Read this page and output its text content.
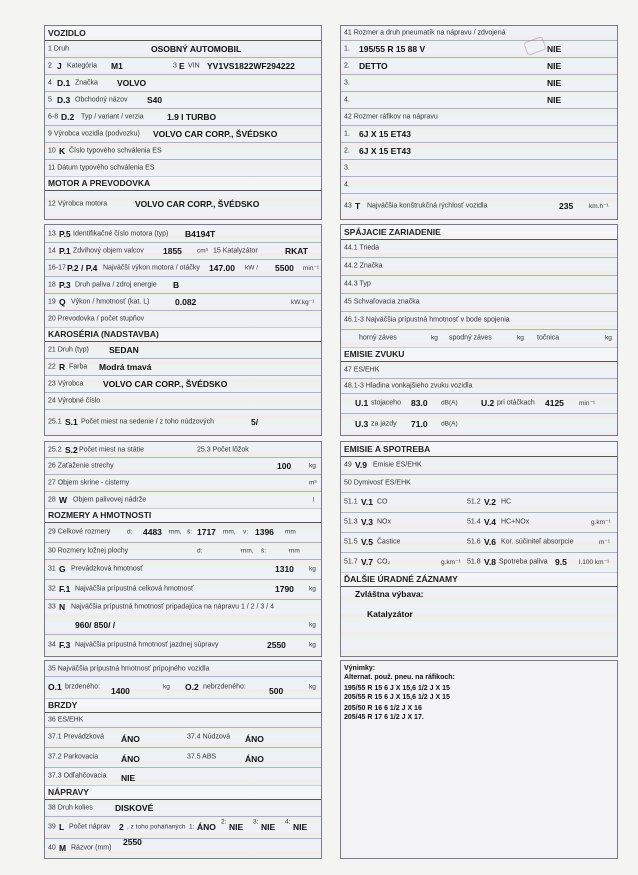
VOZIDLO
1 Druh	OSOBNÝ AUTOMOBIL
2 J Kategória M1	3 E VIN YV1VS1822WF294222
4 D.1 Značka VOLVO
5 D.3 Obchodný názov S40
6-8 D.2 Typ / variant / verzia	1.9 I TURBO
9 Výrobca vozidla (podvozku) VOLVO CAR CORP., ŠVÉDSKO
10 K Číslo typového schválenia ES
11 Dátum typového schválenia ES
MOTOR A PREVODOVKA
12 Výrobca motora	VOLVO CAR CORP., ŠVÉDSKO
13 P.5 Identifikačné číslo motora (typ) B4194T
14 P.1 Zdvihový objem valcov 1855 cm³ 15 Katalyzátor	RKAT
16-17 P.2 / P.4 Najväčší výkon motora / otáčky 147.00 kW / 5500 min⁻¹
18 P.3 Druh paliva / zdroj energie B
19 Q Výkon / hmotnosť (kat. L)	0.082	kW.kg⁻¹
20 Prevodovka / počet stupňov
KAROSÉRIA (NADSTAVBA)
21 Druh (typ) SEDAN
22 R Farba Modrá tmavá
23 Výrobca VOLVO CAR CORP., ŠVÉDSKO
24 Výrobné číslo
25.1 S.1 Počet miest na sedenie / z toho núdzových	5/
25.2 S.2 Počet miest na státie	25.3 Počet lôžok
26 Zaťaženie strechy	100	kg
27 Objem skrine - cisterny	m³
28 W Objem palivovej nádrže	l
ROZMERY A HMOTNOSTI
29 Celkové rozmery	d: 4483 mm, š: 1717 mm, v: 1396 mm
30 Rozmery ložnej plochy	d:	mm, š:	mm
31 G Prevádzková hmotnosť	1310 kg
32 F.1 Najväčšia prípustná celková hmotnosť	1790 kg
33 N Najväčšia prípustná hmotnosť pripadajúca na nápravu 1 / 2 / 3 / 4
960/ 850/ /	kg
34 F.3 Najväčšia prípustná hmotnosť jazdnej súpravy	2550	kg
35 Najväčšia prípustná hmotnosť prípojného vozidla
O.1 brzdeného: 1400	kg O.2 nebrzdeného:	500	kg
BRZDY
36 ES/EHK
37.1 Prevádzková ÁNO	37.4 Núdzová ÁNO
37.2 Parkovacia	ÁNO	37.5 ABS	ÁNO
37.3 Odľahčovacia NIE
NÁPRAVY
38 Druh kolies	DISKOVÉ
39 L Počet náprav 2 , z toho poháňaných 1: ÁNO 2: NIE 3: NIE 4: NIE
40 M Rázvor (mm)
2550
41 Rozmer a druh pneumatík na nápravu / zdvojená
1. 195/55 R 15 88 V	NIE
2. DETTO	NIE
3.	NIE
4.	NIE
42 Rozmer ráfikov na nápravu
1. 6J X 15 ET43
2. 6J X 15 ET43
3.
4.
43 T Najväčšia konštrukčná rýchlosť vozidla	235 km.h⁻¹
SPÁJACIE ZARIADENIE
44.1 Trieda
44.2 Značka
44.3 Typ
45 Schvaľovacia značka
46.1-3 Najväčšia prípustná hmotnosť v bode spojenia
horný záves	kg spodný záves	kg točnica	kg
EMISIE ZVUKU
47 ES/EHK
48.1-3 Hladina vonkajšieho zvuku vozidla
U.1 stojaceho 83.0 dB(A)	U.2 pri otáčkach 4125 min⁻¹
U.3 za jazdy 71.0 dB(A)
EMISIE A SPOTREBA
49 V.9 Emisie ES/EHK
50 Dymivosť ES/EHK
51.1 V.1 CO	51.2 V.2 HC
51.3 V.3 NOx	51.4 V.4 HC+NOx	g.km⁻¹
51.5 V.5 Častice	51.6 V.6 Kor. súčiniteľ absorpcie	m⁻¹
51.7 V.7 CO₂	g.km⁻¹ 51.8 V.8 Spotreba paliva 9.5 l.100 km⁻¹
ĎALŠIE ÚRADNÉ ZÁZNAMY
Zvláštna výbava:
Katalyzátor
Výnimky:
Alternat. použ. pneu. na ráfikoch:
195/55 R 15 6 J X 15,6 1/2 J X 15
205/55 R 15 6 J X 15,6 1/2 J X 15
205/50 R 16 6 1/2 J X 16
205/45 R 17 6 1/2 J X 17.
